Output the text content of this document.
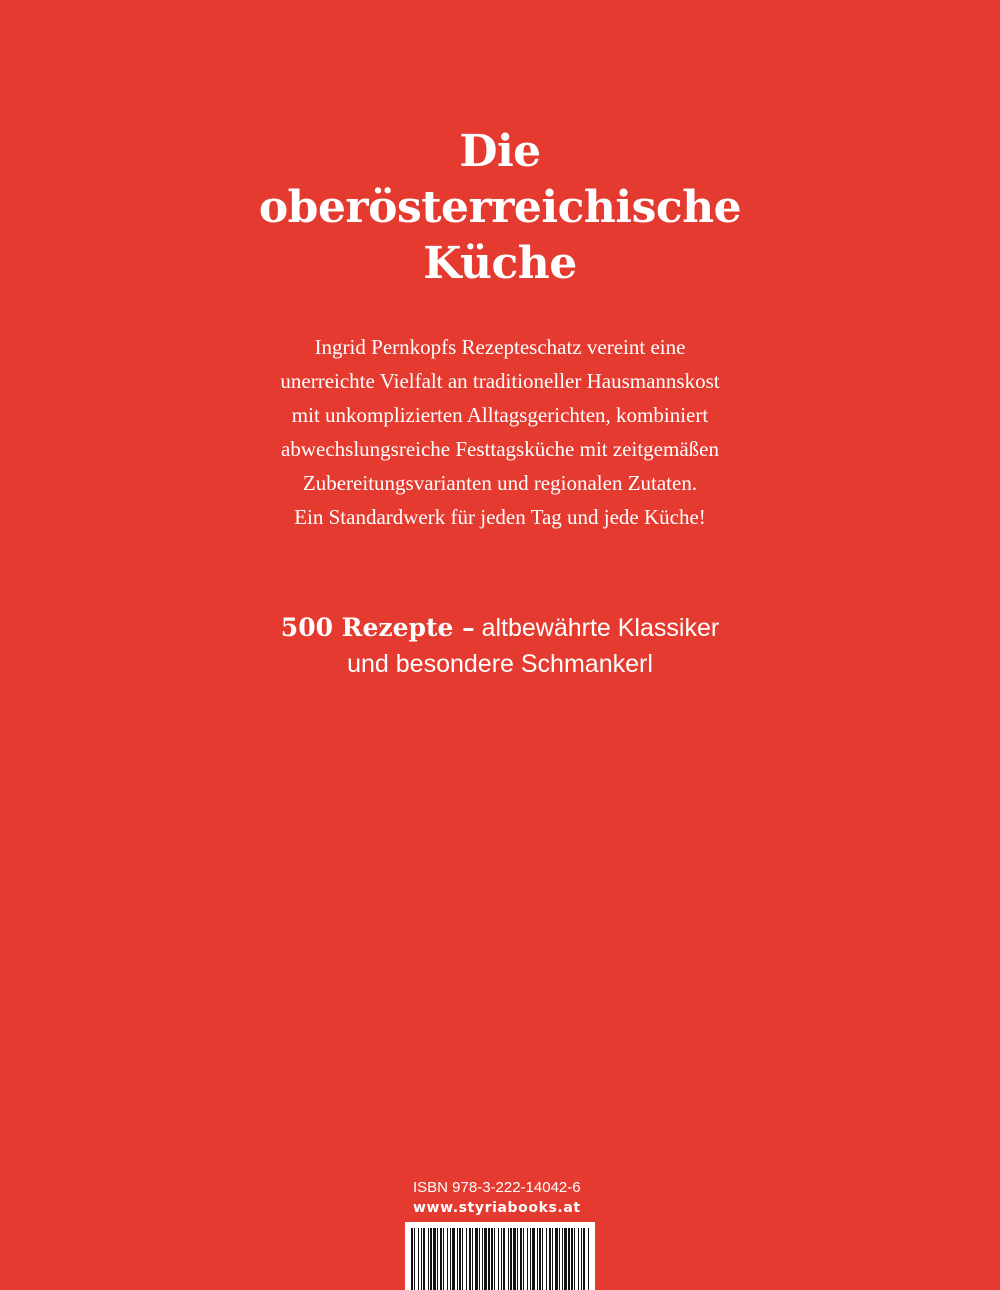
Die
oberösterreichische
Küche

Ingrid Pernkopfs Rezepteschatz vereint eine
unerreichte Vielfalt an traditioneller Hausmannskost
mit unkomplizierten Alltagsgerichten, kombiniert
abwechslungsreiche Festtagsküche mit zeitgemäßen
Zubereitungsvarianten und regionalen Zutaten.
Ein Standardwerk für jeden Tag und jede Küche!

500 Rezepte – altbewährte Klassiker
und besondere Schmankerl
ISBN 978-3-222-14042-6
www.styriabooks.at
